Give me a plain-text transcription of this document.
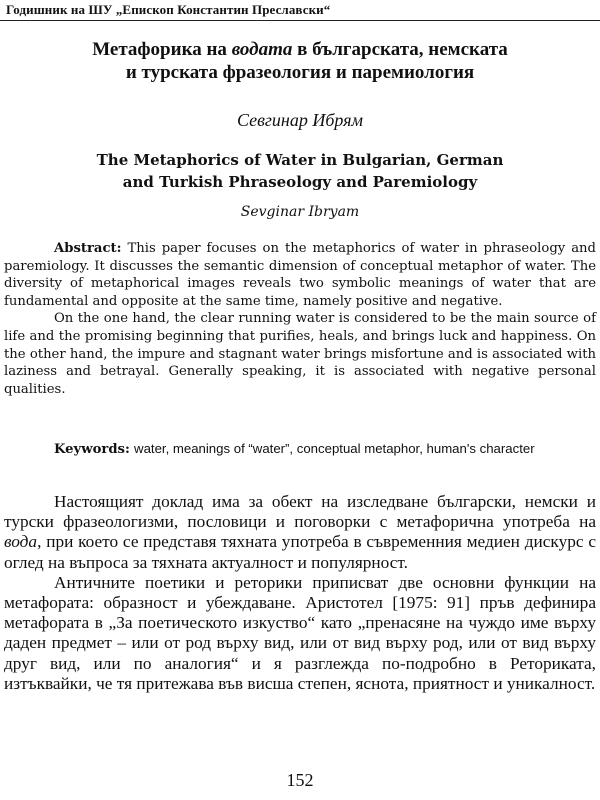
Годишник на ШУ „Епископ Константин Преславски“
Метафорика на водата в българската, немската
и турската фразеология и паремиология
Севгинар Ибрям
The Metaphorics of Water in Bulgarian, German
and Turkish Phraseology and Paremiology
Sevginar Ibryam

Abstract: This paper focuses on the metaphorics of water in phraseology and paremiology. It discusses the semantic dimension of conceptual metaphor of water. The diversity of metaphorical images reveals two symbolic meanings of water that are fundamental and opposite at the same time, namely positive and negative.

On the one hand, the clear running water is considered to be the main source of life and the promising beginning that purifies, heals, and brings luck and happiness. On the other hand, the impure and stagnant water brings misfortune and is associated with laziness and betrayal. Generally speaking, it is associated with negative personal qualities.

Keywords: water, meanings of “water”, conceptual metaphor, human's character

Настоящият доклад има за обект на изследване български, немски и турски фразеологизми, пословици и поговорки с метафорична употреба на вода, при което се представя тяхната употреба в съвременния медиен дискурс с оглед на въпроса за тяхната актуалност и популярност.

Античните поетики и реторики приписват две основни функции на метафората: образност и убеждаване. Аристотел [1975: 91] пръв дефинира метафората в „За поетическото изкуство“ като „пренасяне на чуждо име върху даден предмет – или от род върху вид, или от вид върху род, или от вид върху друг вид, или по аналогия“ и я разглежда по-подробно в Реториката, изтъквайки, че тя притежава във висша степен, яснота, приятност и уникалност.

152
